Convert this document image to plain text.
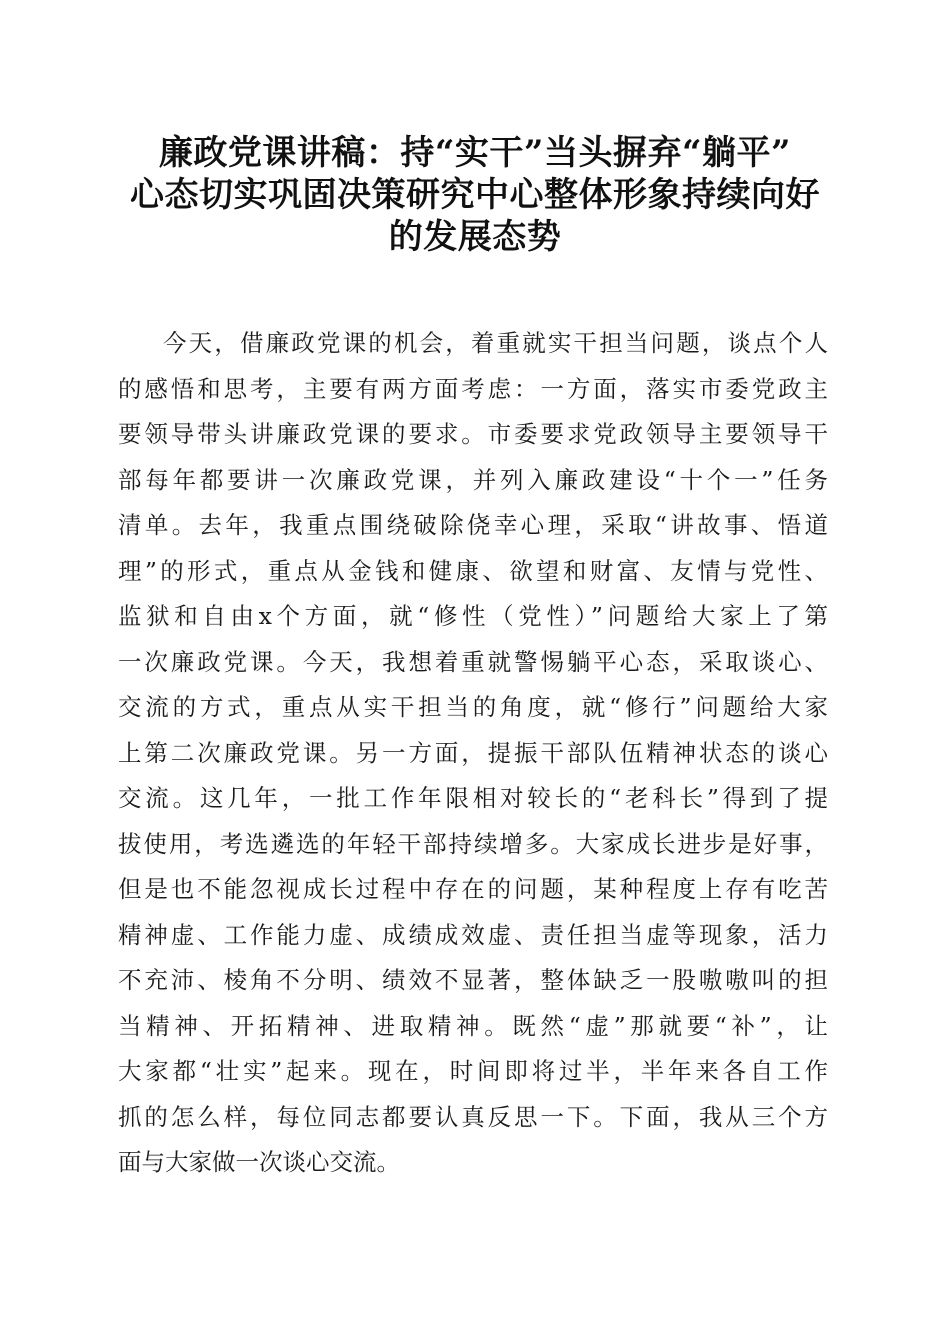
廉政党课讲稿：持“实干”当头摒弃“躺平”
心态切实巩固决策研究中心整体形象持续向好
的发展态势
今天，借廉政党课的机会，着重就实干担当问题，谈点个人
的感悟和思考，主要有两方面考虑：一方面，落实市委党政主
要领导带头讲廉政党课的要求。市委要求党政领导主要领导干
部每年都要讲一次廉政党课，并列入廉政建设“十个一”任务
清单。去年，我重点围绕破除侥幸心理，采取“讲故事、悟道
理”的形式，重点从金钱和健康、欲望和财富、友情与党性、
监狱和自由x个方面，就“修性（党性）”问题给大家上了第
一次廉政党课。今天，我想着重就警惕躺平心态，采取谈心、
交流的方式，重点从实干担当的角度，就“修行”问题给大家
上第二次廉政党课。另一方面，提振干部队伍精神状态的谈心
交流。这几年，一批工作年限相对较长的“老科长”得到了提
拔使用，考选遴选的年轻干部持续增多。大家成长进步是好事，
但是也不能忽视成长过程中存在的问题，某种程度上存有吃苦
精神虚、工作能力虚、成绩成效虚、责任担当虚等现象，活力
不充沛、棱角不分明、绩效不显著，整体缺乏一股嗷嗷叫的担
当精神、开拓精神、进取精神。既然“虚”那就要“补”，让
大家都“壮实”起来。现在，时间即将过半，半年来各自工作
抓的怎么样，每位同志都要认真反思一下。下面，我从三个方
面与大家做一次谈心交流。
